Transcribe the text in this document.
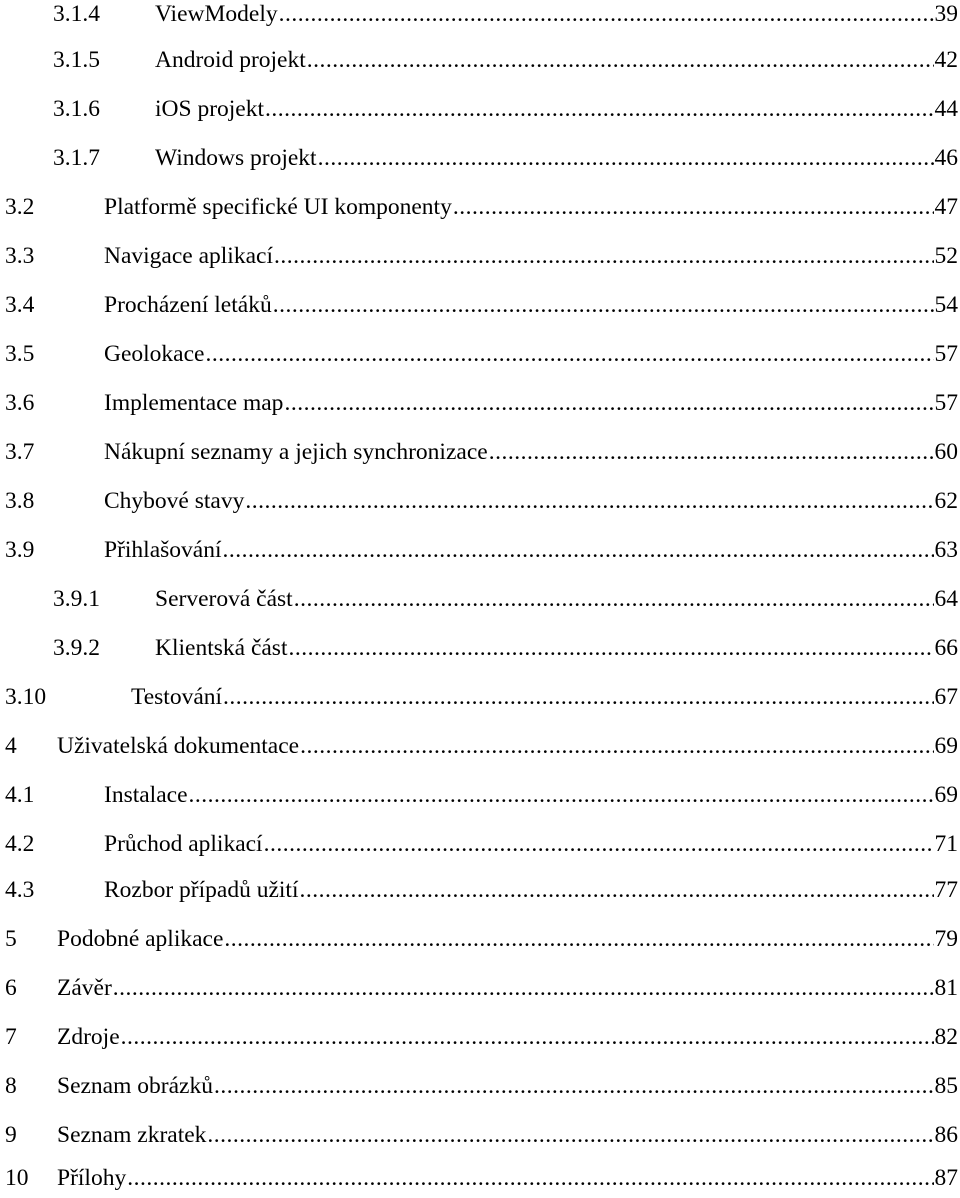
3.1.4 ViewModely .....	39
3.1.5 Android projekt .....	42
3.1.6 iOS projekt .....	44
3.1.7 Windows projekt .....	46
3.2	Platformě specifické UI komponenty .....	47
3.3	Navigace aplikací .....	52
3.4	Procházení letáků .....	54
3.5	Geolokace .....	57
3.6	Implementace map .....	57
3.7	Nákupní seznamy a jejich synchronizace .....	60
3.8	Chybové stavy .....	62
3.9	Přihlašování .....	63
3.9.1 Serverová část .....	64
3.9.2 Klientská část .....	66
3.10	Testování .....	67
4 Uživatelská dokumentace .....	69
4.1	Instalace .....	69
4.2	Průchod aplikací .....	71
4.3	Rozbor případů užití .....	77
5 Podobné aplikace .....	79
6 Závěr .....	81
7 Zdroje .....	82
8 Seznam obrázků .....	85
9 Seznam zkratek .....	86
10 Přílohy .....	87
